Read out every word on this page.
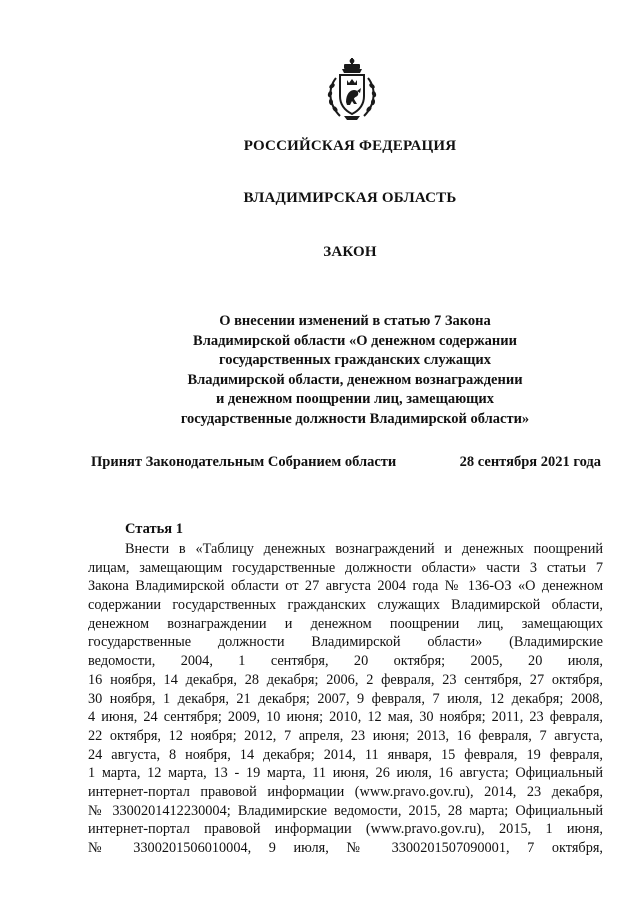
РОССИЙСКАЯ ФЕДЕРАЦИЯ
ВЛАДИМИРСКАЯ ОБЛАСТЬ
ЗАКОН
О внесении изменений в статью 7 Закона
Владимирской области «О денежном содержании
государственных гражданских служащих
Владимирской области, денежном вознаграждении
и денежном поощрении лиц, замещающих
государственные должности Владимирской области»
Принят Законодательным Собранием области	28 сентября 2021 года
Статья 1
Внести в «Таблицу денежных вознаграждений и денежных поощрений
лицам, замещающим государственные должности области» части 3 статьи 7
Закона Владимирской области от 27 августа 2004 года № 136-ОЗ «О денежном
содержании государственных гражданских служащих Владимирской области,
денежном вознаграждении и денежном поощрении лиц, замещающих
государственные должности Владимирской области» (Владимирские
ведомости, 2004, 1 сентября, 20 октября; 2005, 20 июля,
16 ноября, 14 декабря, 28 декабря; 2006, 2 февраля, 23 сентября, 27 октября,
30 ноября, 1 декабря, 21 декабря; 2007, 9 февраля, 7 июля, 12 декабря; 2008,
4 июня, 24 сентября; 2009, 10 июня; 2010, 12 мая, 30 ноября; 2011, 23 февраля,
22 октября, 12 ноября; 2012, 7 апреля, 23 июня; 2013, 16 февраля, 7 августа,
24 августа, 8 ноября, 14 декабря; 2014, 11 января, 15 февраля, 19 февраля,
1 марта, 12 марта, 13 - 19 марта, 11 июня, 26 июля, 16 августа; Официальный
интернет-портал правовой информации (www.pravo.gov.ru), 2014, 23 декабря,
№ 3300201412230004; Владимирские ведомости, 2015, 28 марта; Официальный
интернет-портал правовой информации (www.pravo.gov.ru), 2015, 1 июня,
№ 3300201506010004, 9 июля, № 3300201507090001, 7 октября,
